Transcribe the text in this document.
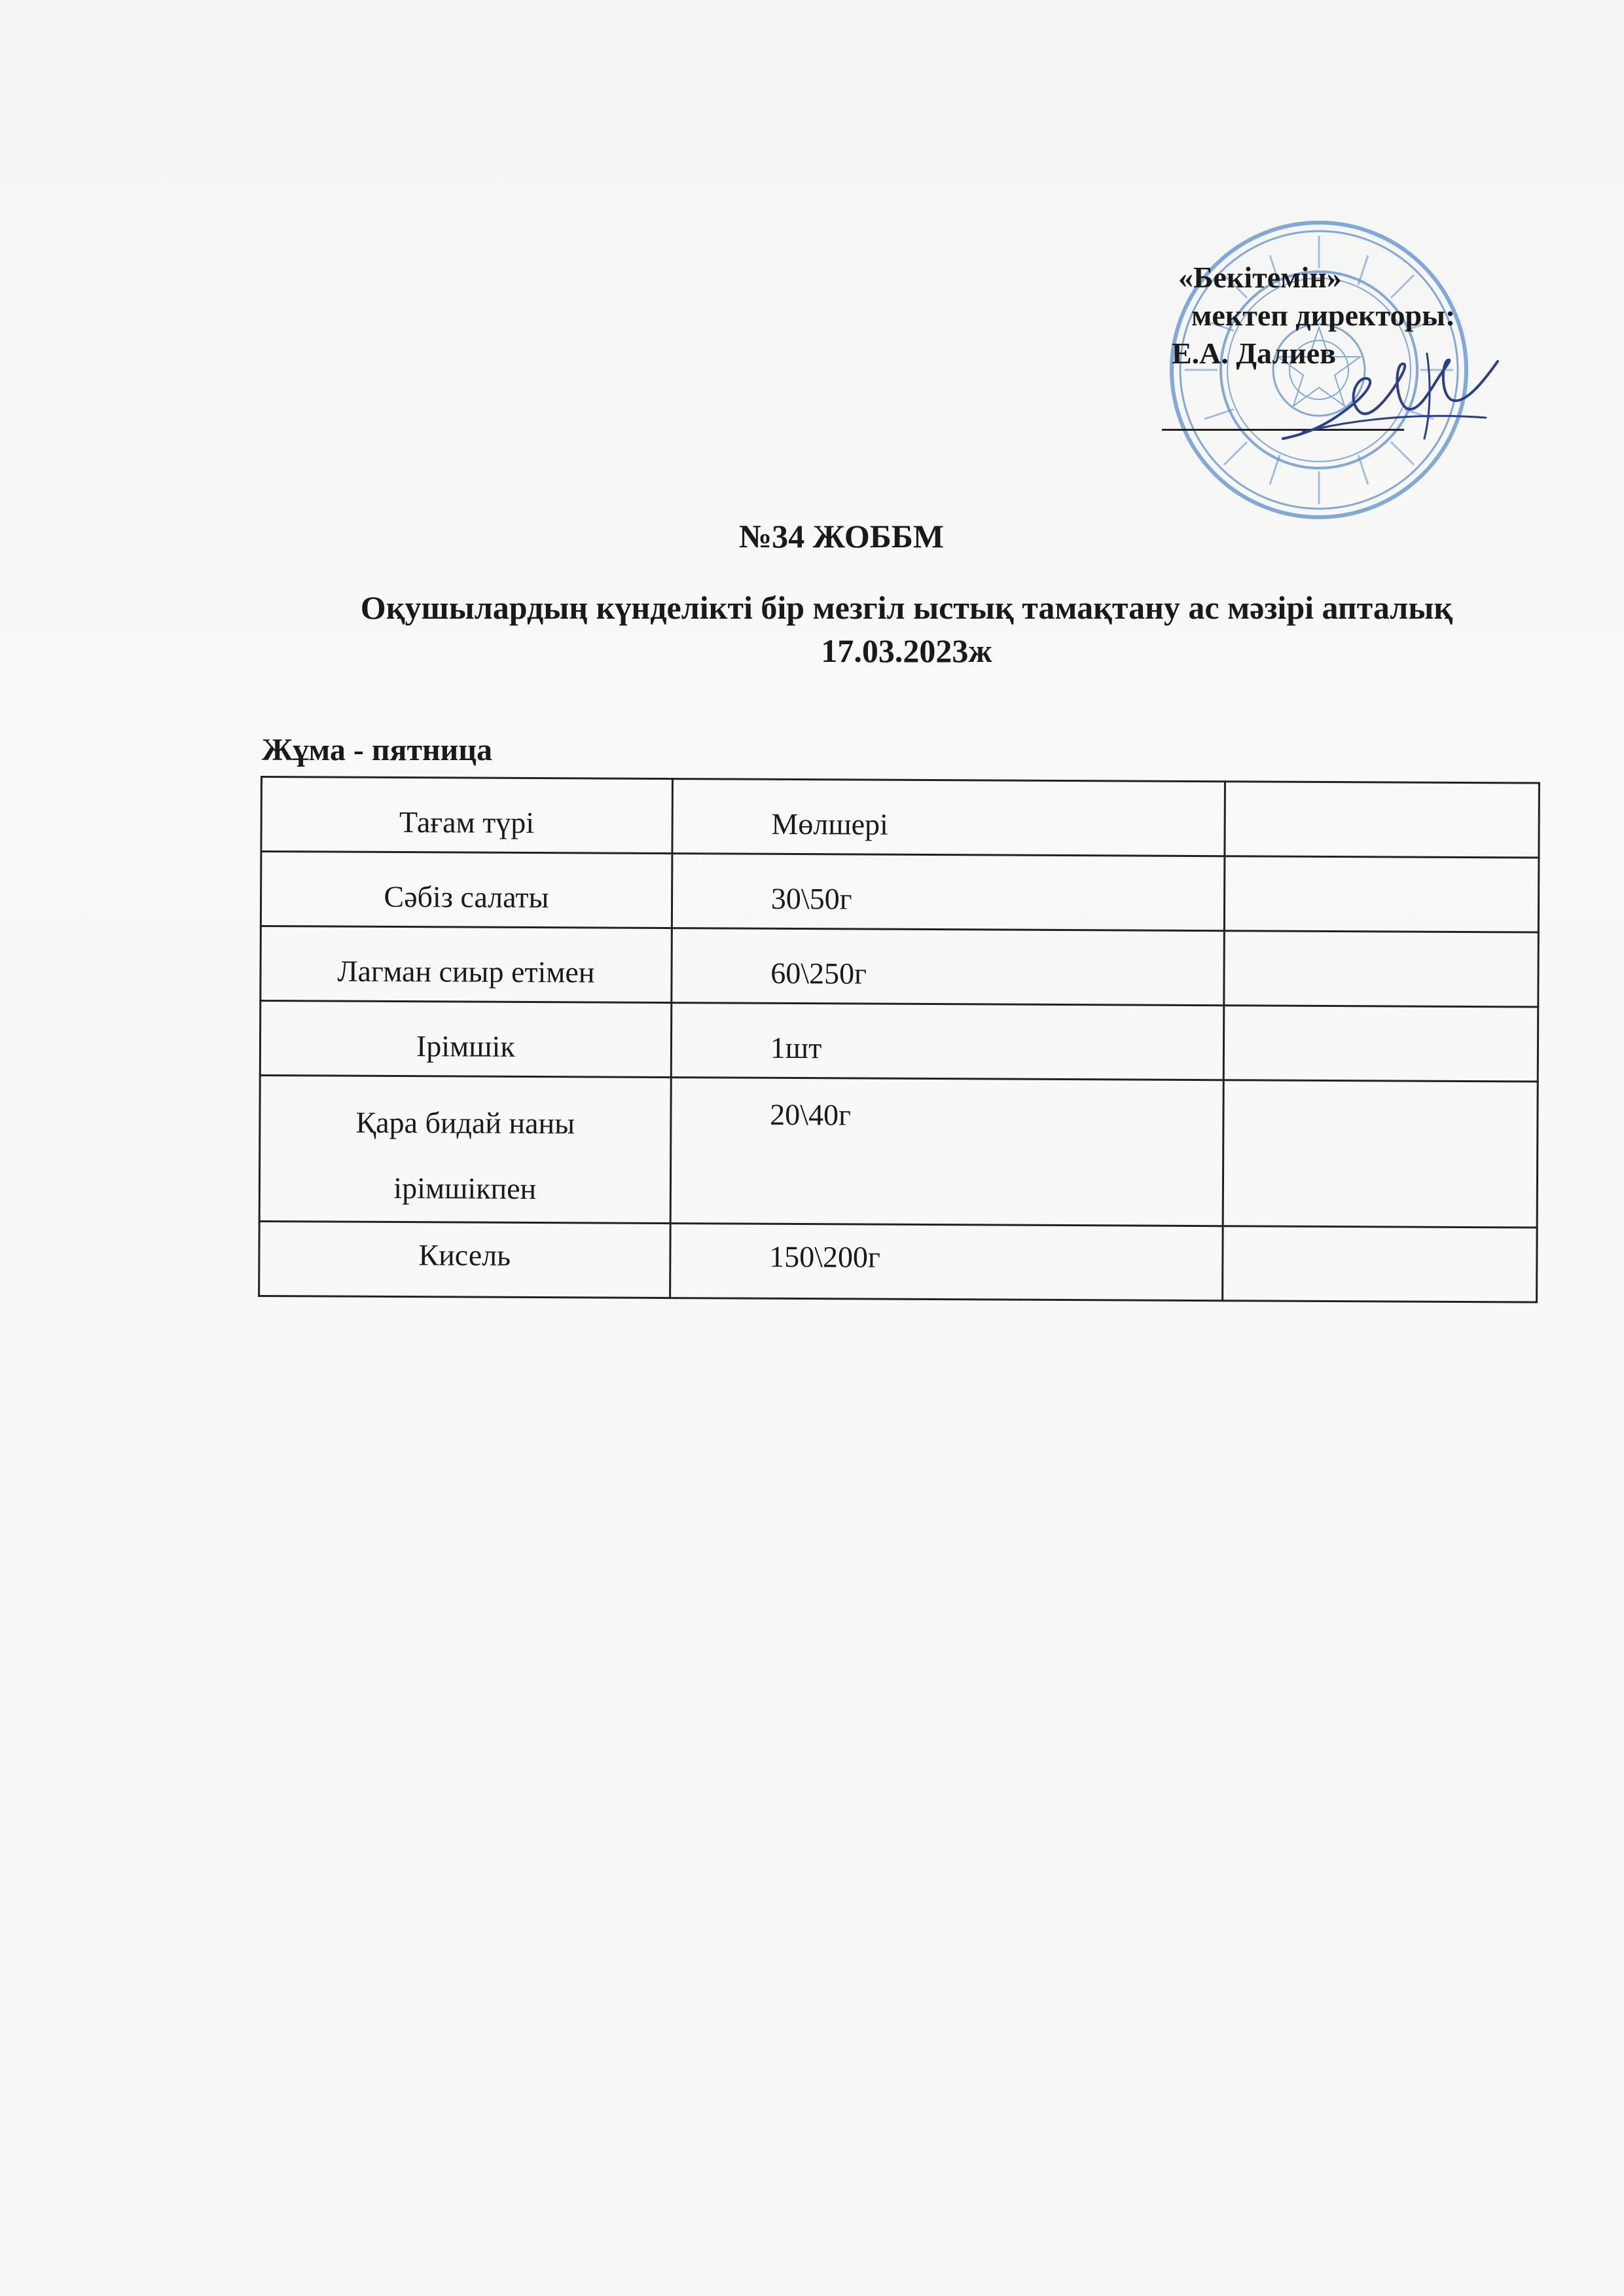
«Бекітемін»
мектеп директоры:
Е.А. Далиев
№34 ЖОББМ
Оқушылардың күнделікті бір мезгіл ыстық тамақтану ас мәзірі апталық
17.03.2023ж
Жұма - пятница
Тағам түрі	Мөлшері	

Сәбіз салаты	30\50г	

Лагман сиыр етімен	60\250г	

Ірімшік	1шт	

Қара бидай наны ірімшікпен	20\40г	

Кисель	150\200г	
